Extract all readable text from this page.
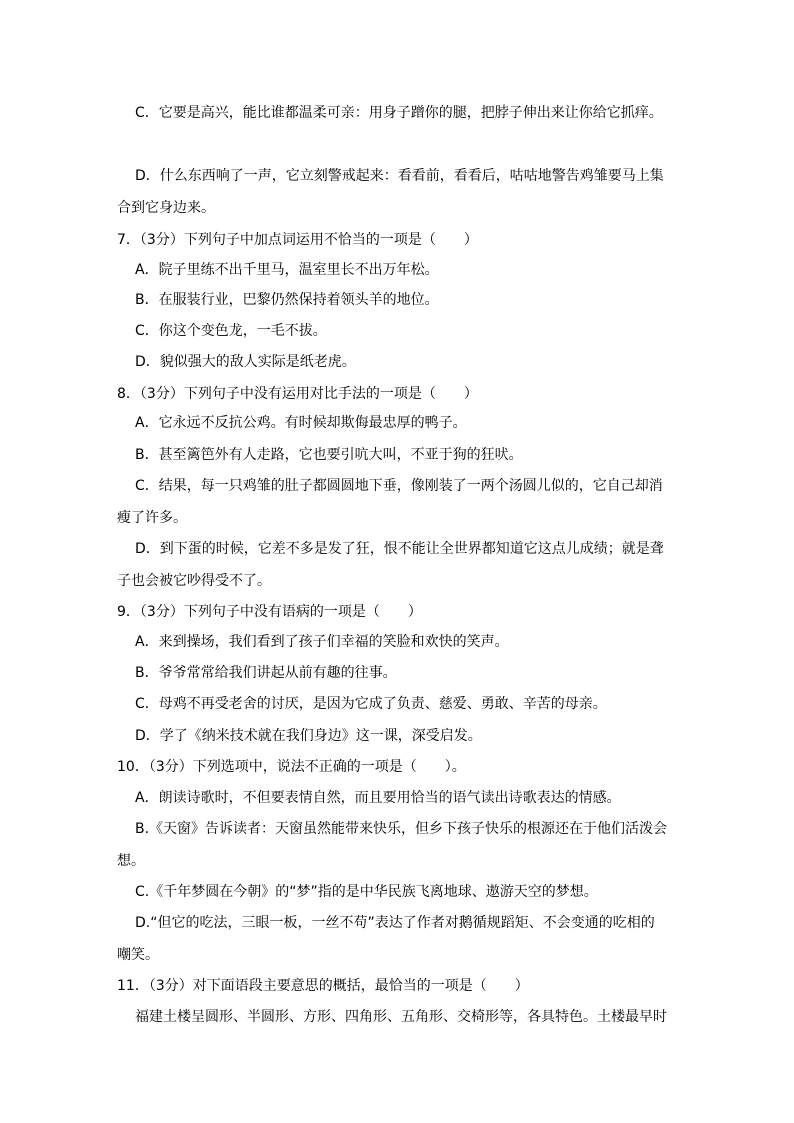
C．它要是高兴，能比谁都温柔可亲：用身子蹭你的腿，把脖子伸出来让你给它抓痒。
D．什么东西响了一声，它立刻警戒起来：看看前，看看后，咕咕地警告鸡雏要马上集
合到它身边来。
7．（3分）下列句子中加点词运用不恰当的一项是（　　）
A．院子里练不出千里马，温室里长不出万年松。
B．在服装行业，巴黎仍然保持着领头羊的地位。
C．你这个变色龙，一毛不拔。
D．貌似强大的敌人实际是纸老虎。
8．（3分）下列句子中没有运用对比手法的一项是（　　）
A．它永远不反抗公鸡。有时候却欺侮最忠厚的鸭子。
B．甚至篱笆外有人走路，它也要引吭大叫，不亚于狗的狂吠。
C．结果，每一只鸡雏的肚子都圆圆地下垂，像刚装了一两个汤圆儿似的，它自己却消
瘦了许多。
D．到下蛋的时候，它差不多是发了狂，恨不能让全世界都知道它这点儿成绩；就是聋
子也会被它吵得受不了。
9．（3分）下列句子中没有语病的一项是（　　）
A．来到操场，我们看到了孩子们幸福的笑脸和欢快的笑声。
B．爷爷常常给我们讲起从前有趣的往事。
C．母鸡不再受老舍的讨厌，是因为它成了负责、慈爱、勇敢、辛苦的母亲。
D．学了《纳米技术就在我们身边》这一课，深受启发。
10．（3分）下列选项中，说法不正确的一项是（　　）。
A．朗读诗歌时，不但要表情自然，而且要用恰当的语气读出诗歌表达的情感。
B.《天窗》告诉读者：天窗虽然能带来快乐，但乡下孩子快乐的根源还在于他们活泼会
想。
C.《千年梦圆在今朝》的“梦”指的是中华民族飞离地球、遨游天空的梦想。
D.“但它的吃法，三眼一板，一丝不苟”表达了作者对鹅循规蹈矩、不会变通的吃相的
嘲笑。
11．（3分）对下面语段主要意思的概括，最恰当的一项是（　　）
福建土楼呈圆形、半圆形、方形、四角形、五角形、交椅形等，各具特色。土楼最早时
